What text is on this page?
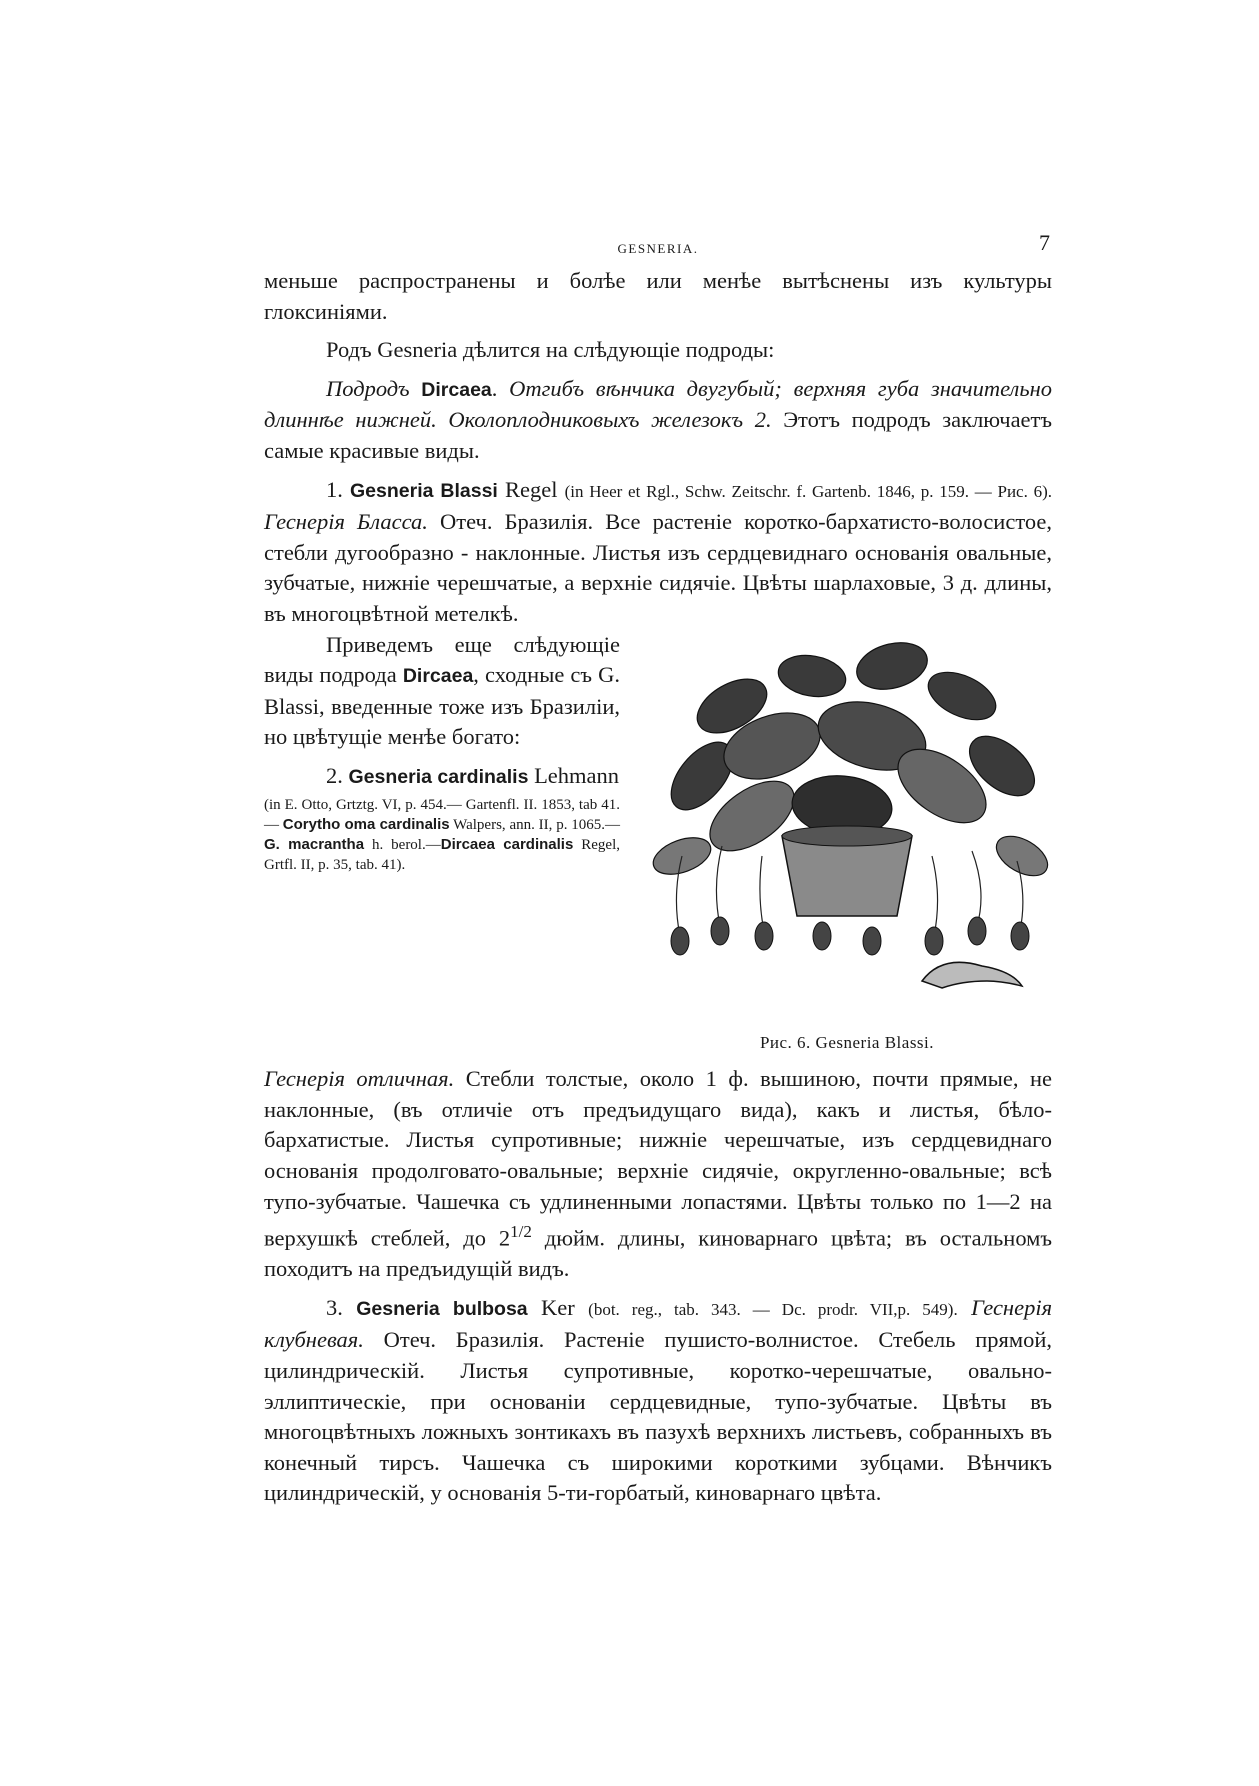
GESNERIA.	7

меньше распространены и болѣе или менѣе вытѣснены изъ культуры глоксиніями.

Родъ Gesneria дѣлится на слѣдующіе подроды:

Подродъ Dircaea. Отгибъ вѣнчика двугубый; верхняя губа значительно длиннѣе нижней. Околоплодниковыхъ железокъ 2. Этотъ подродъ заключаетъ самые красивые виды.

1. Gesneria Blassi Regel (in Heer et Rgl., Schw. Zeitschr. f. Gartenb. 1846, p. 159. — Рис. 6). Геснерія Бласса. Отеч. Бразилія. Все растеніе коротко-бархатисто-волосистое, стебли дугообразно - наклонные. Листья изъ сердцевиднаго основанія овальные, зубчатые, нижніе черешчатые, а верхніе сидячіе. Цвѣты шарлаховые, 3 д. длины, въ многоцвѣтной метелкѣ.

Рис. 6. Gesneria Blassi.

Приведемъ еще слѣдующіе виды подрода Dircaea, сходные съ G. Blassi, введенные тоже изъ Бразиліи, но цвѣтущіе менѣе богато:

2. Gesneria cardinalis Lehmann

(in E. Otto, Grtztg. VI, p. 454.— Gartenfl. II. 1853, tab 41. — Corytho oma cardinalis Walpers, ann. II, p. 1065.— G. macrantha h. berol.—Dircaea cardinalis Regel, Grtfl. II, p. 35, tab. 41).

Геснерія отличная. Стебли толстые, около 1 ф. вышиною, почти прямые, не наклонные, (въ отличіе отъ предъидущаго вида), какъ и листья, бѣло-бархатистые. Листья супротивные; нижніе черешчатые, изъ сердцевиднаго основанія продолговато-овальные; верхніе сидячіе, округленно-овальные; всѣ тупо-зубчатые. Чашечка съ удлиненными лопастями. Цвѣты только по 1—2 на верхушкѣ стеблей, до $2^{1/2}$ дюйм. длины, киноварнаго цвѣта; въ остальномъ походитъ на предъидущій видъ.

3. Gesneria bulbosa Ker (bot. reg., tab. 343. — Dc. prodr. VII,p. 549). Геснерія клубневая. Отеч. Бразилія. Растеніе пушисто-волнистое. Стебель прямой, цилиндрическій. Листья супротивные, коротко-черешчатые, овально-эллиптическіе, при основаніи сердцевидные, тупо-зубчатые. Цвѣты въ многоцвѣтныхъ ложныхъ зонтикахъ въ пазухѣ верхнихъ листьевъ, собранныхъ въ конечный тирсъ. Чашечка съ широкими короткими зубцами. Вѣнчикъ цилиндрическій, у основанія 5-ти-горбатый, киноварнаго цвѣта.
